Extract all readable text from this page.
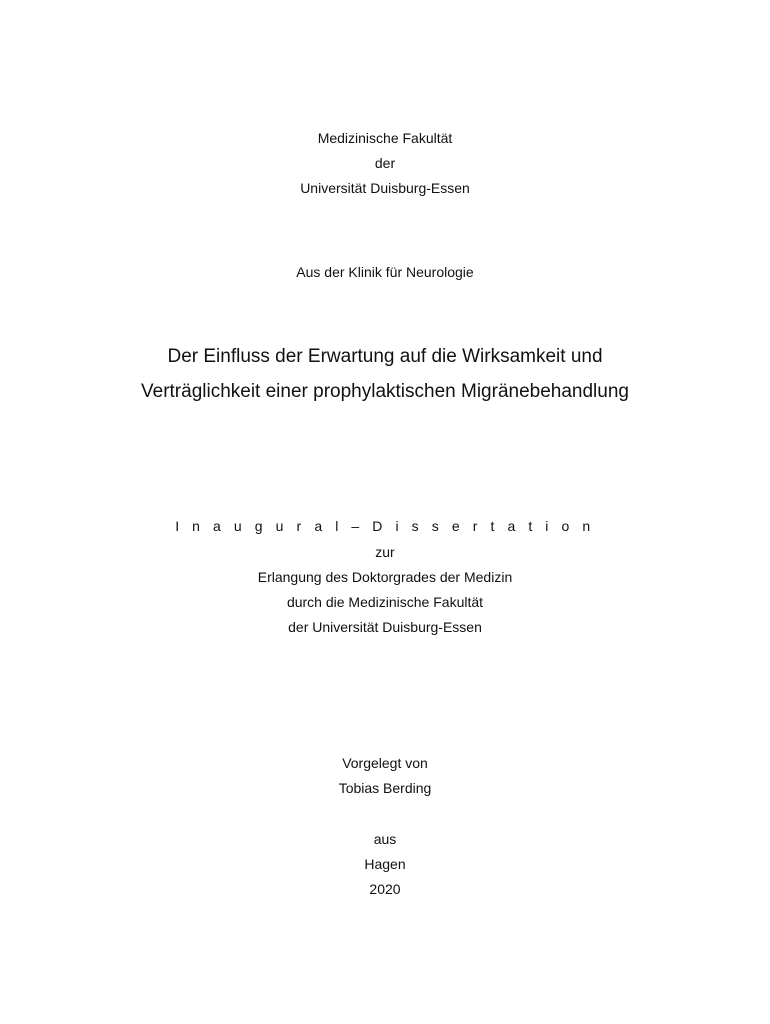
Medizinische Fakultät
der
Universität Duisburg-Essen
Aus der Klinik für Neurologie
Der Einfluss der Erwartung auf die Wirksamkeit und
Verträglichkeit einer prophylaktischen Migränebehandlung
I n a u g u r a l – D i s s e r t a t i o n
zur
Erlangung des Doktorgrades der Medizin
durch die Medizinische Fakultät
der Universität Duisburg-Essen
Vorgelegt von
Tobias Berding
aus
Hagen
2020
